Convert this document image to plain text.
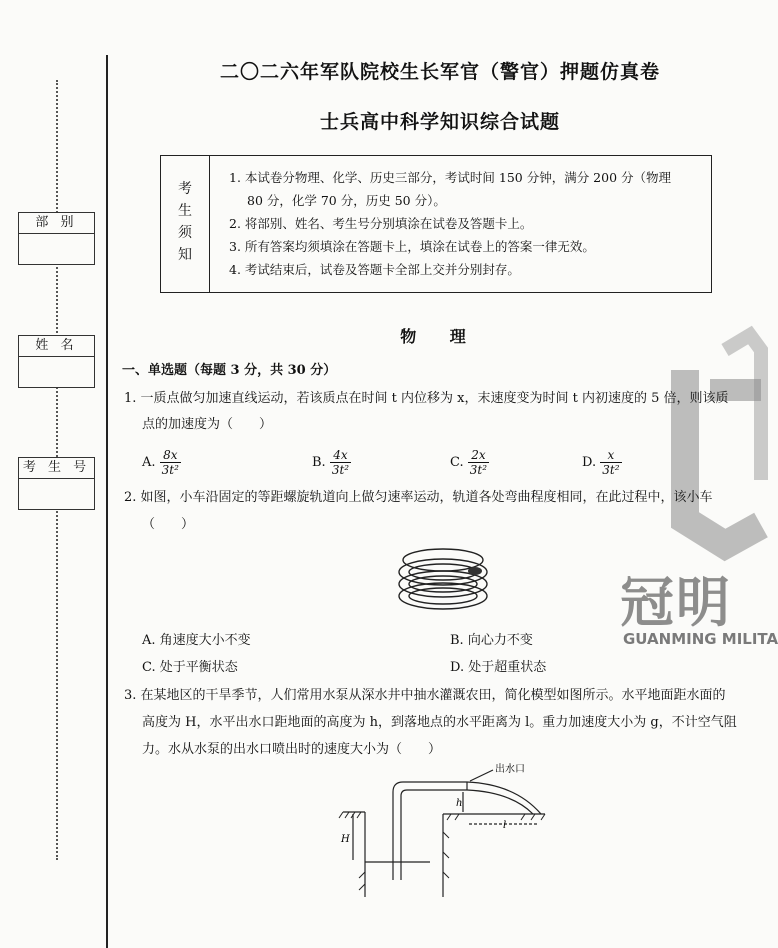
部 别
姓 名
考 生 号
二〇二六年军队院校生长军官（警官）押题仿真卷
士兵高中科学知识综合试题
考
生
须
知
1. 本试卷分物理、化学、历史三部分，考试时间 150 分钟，满分 200 分（物理
80 分，化学 70 分，历史 50 分）。
2. 将部别、姓名、考生号分别填涂在试卷及答题卡上。
3. 所有答案均须填涂在答题卡上，填涂在试卷上的答案一律无效。
4. 考试结束后，试卷及答题卡全部上交并分别封存。
冠明
GUANMING MILITA
物 理
一、单选题（每题 3 分，共 30 分）
1. 一质点做匀加速直线运动，若该质点在时间 t 内位移为 x，末速度变为时间 t 内初速度的 5 倍，则该质
点的加速度为（　　）
A. $\frac{8x}{\text{3t²}}$	B. $\frac{4x}{\text{3t²}}$	C. $\frac{2x}{\text{3t²}}$	D. $\frac{x}{\text{3t²}}$
2. 如图，小车沿固定的等距螺旋轨道向上做匀速率运动，轨道各处弯曲程度相同，在此过程中，该小车
（　　）
A. 角速度大小不变	B. 向心力不变
C. 处于平衡状态	D. 处于超重状态
3. 在某地区的干旱季节，人们常用水泵从深水井中抽水灌溉农田，简化模型如图所示。水平地面距水面的
高度为 H，水平出水口距地面的高度为 h，到落地点的水平距离为 l。重力加速度大小为 g，不计空气阻
力。水从水泵的出水口喷出时的速度大小为（　　）
出水口
h
H
l
